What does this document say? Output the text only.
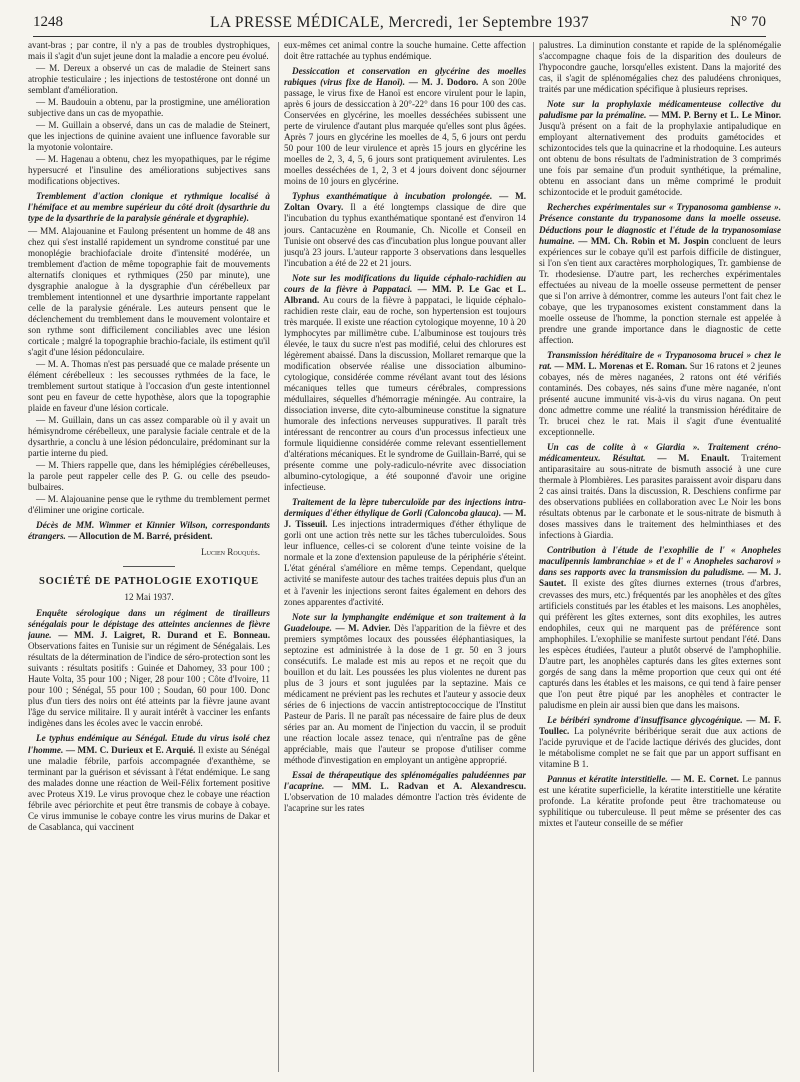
1248	LA PRESSE MÉDICALE, Mercredi, 1er Septembre 1937	N° 70

avant-bras ; par contre, il n'y a pas de troubles dystrophiques, mais il s'agit d'un sujet jeune dont la maladie a encore peu évolué.

— M. Dereux a observé un cas de maladie de Steinert sans atrophie testiculaire ; les injections de testostérone ont donné un semblant d'amélioration.

— M. Baudouin a obtenu, par la prostigmine, une amélioration subjective dans un cas de myopathie.

— M. Guillain a observé, dans un cas de maladie de Steinert, que les injections de quinine avaient une influence favorable sur la myotonie volontaire.

— M. Hagenau a obtenu, chez les myopathiques, par le régime hypersucré et l'insuline des améliorations subjectives sans modifications objectives.

Tremblement d'action clonique et rythmique localisé à l'hémiface et au membre supérieur du côté droit (dysarthrie du type de la dysarthrie de la paralysie générale et dygraphie).

— MM. Alajouanine et Faulong présentent un homme de 48 ans chez qui s'est installé rapidement un syndrome constitué par une monoplégie brachiofaciale droite d'intensité modérée, un tremblement d'action de même topographie fait de mouvements alternatifs cloniques et rythmiques (250 par minute), une dysgraphie analogue à la dysgraphie d'un cérébelleux par tremblement intentionnel et une dysarthrie importante rappelant celle de la paralysie générale. Les auteurs pensent que le déclenchement du tremblement dans le mouvement volontaire et son rythme sont difficilement conciliables avec une lésion corticale ; malgré la topographie brachio-faciale, ils estiment qu'il s'agit d'une lésion pédonculaire.

— M. A. Thomas n'est pas persuadé que ce malade présente un élément cérébelleux : les secousses rythmées de la face, le tremblement surtout statique à l'occasion d'un geste intentionnel sont peu en faveur de cette hypothèse, alors que la topographie plaide en faveur d'une lésion corticale.

— M. Guillain, dans un cas assez comparable où il y avait un hémisyndrome cérébelleux, une paralysie faciale centrale et de la dysarthrie, a conclu à une lésion pédonculaire, prédominant sur la partie interne du pied.

— M. Thiers rappelle que, dans les hémiplégies cérébelleuses, la parole peut rappeler celle des P. G. ou celle des pseudo-bulbaires.

— M. Alajouanine pense que le rythme du tremblement permet d'éliminer une origine corticale.

Décès de MM. Wimmer et Kinnier Wilson, correspondants étrangers. — Allocution de M. Barré, président.

Lucien Rouquès.

SOCIÉTÉ DE PATHOLOGIE EXOTIQUE
12 Mai 1937.

Enquête sérologique dans un régiment de tirailleurs sénégalais pour le dépistage des atteintes anciennes de fièvre jaune. — MM. J. Laigret, R. Durand et E. Bonneau. Observations faites en Tunisie sur un régiment de Sénégalais. Les résultats de la détermination de l'indice de séro-protection sont les suivants : résultats positifs : Guinée et Dahomey, 33 pour 100 ; Haute Volta, 35 pour 100 ; Niger, 28 pour 100 ; Côte d'Ivoire, 11 pour 100 ; Sénégal, 55 pour 100 ; Soudan, 60 pour 100. Donc plus d'un tiers des noirs ont été atteints par la fièvre jaune avant l'âge du service militaire. Il y aurait intérêt à vacciner les enfants indigènes dans les écoles avec le vaccin enrobé.

Le typhus endémique au Sénégal. Etude du virus isolé chez l'homme. — MM. C. Durieux et E. Arquié. Il existe au Sénégal une maladie fébrile, parfois accompagnée d'exanthème, se terminant par la guérison et sévissant à l'état endémique. Le sang des malades donne une réaction de Weil-Félix fortement positive avec Proteus X19. Le virus provoque chez le cobaye une réaction fébrile avec périorchite et peut être transmis de cobaye à cobaye. Ce virus immunise le cobaye contre les virus murins de Dakar et de Casablanca, qui vaccinent

eux-mêmes cet animal contre la souche humaine. Cette affection doit être rattachée au typhus endémique.

Dessiccation et conservation en glycérine des moelles rabiques (virus fixe de Hanoï). — M. J. Dodoro. A son 200e passage, le virus fixe de Hanoï est encore virulent pour le lapin, après 6 jours de dessiccation à 20°-22° dans 16 pour 100 des cas. Conservées en glycérine, les moelles desséchées subissent une perte de virulence d'autant plus marquée qu'elles sont plus âgées. Après 7 jours en glycérine les moelles de 4, 5, 6 jours ont perdu 50 pour 100 de leur virulence et après 15 jours en glycérine les moelles de 2, 3, 4, 5, 6 jours sont pratiquement avirulentes. Les moelles desséchées de 1, 2, 3 et 4 jours doivent donc séjourner moins de 10 jours en glycérine.

Typhus exanthématique à incubation prolongée. — M. Zoltan Ovary. Il a été longtemps classique de dire que l'incubation du typhus exanthématique spontané est d'environ 14 jours. Cantacuzène en Roumanie, Ch. Nicolle et Conseil en Tunisie ont observé des cas d'incubation plus longue pouvant aller jusqu'à 23 jours. L'auteur rapporte 3 observations dans lesquelles l'incubation a été de 22 et 21 jours.

Note sur les modifications du liquide céphalo-rachidien au cours de la fièvre à Pappataci. — MM. P. Le Gac et L. Albrand. Au cours de la fièvre à pappataci, le liquide céphalo-rachidien reste clair, eau de roche, son hypertension est toujours très marquée. Il existe une réaction cytologique moyenne, 10 à 20 lymphocytes par millimètre cube. L'albuminose est toujours très élevée, le taux du sucre n'est pas modifié, celui des chlorures est légèrement abaissé. Dans la discussion, Mollaret remarque que la modification observée réalise une dissociation albumino-cytologique, considérée comme révélant avant tout des lésions mécaniques telles que tumeurs cérébrales, compressions médullaires, séquelles d'hémorragie méningée. Au contraire, la dissociation inverse, dite cyto-albumineuse constitue la signature humorale des infections nerveuses suppuratives. Il paraît très intéressant de rencontrer au cours d'un processus infectieux une formule liquidienne considérée comme relevant essentiellement d'altérations mécaniques. Et le syndrome de Guillain-Barré, qui se présente comme une poly-radiculo-névrite avec dissociation albumino-cytologique, a été souponné d'avoir une origine infectieuse.

Traitement de la lèpre tuberculoïde par des injections intra-dermiques d'éther éthylique de Gorli (Caloncoba glauca). — M. J. Tisseuil. Les injections intradermiques d'éther éthylique de gorli ont une action très nette sur les tâches tuberculoïdes. Sous leur influence, celles-ci se colorent d'une teinte voisine de la normale et la zone d'extension papuleuse de la périphérie s'éteint. L'état général s'améliore en même temps. Cependant, quelque activité se manifeste autour des taches traitées depuis plus d'un an et à l'avenir les injections seront faites également en dehors des zones apparentes d'activité.

Note sur la lymphangite endémique et son traitement à la Guadeloupe. — M. Advier. Dès l'apparition de la fièvre et des premiers symptômes locaux des poussées éléphantiasiques, la septozine est administrée à la dose de 1 gr. 50 en 3 jours consécutifs. Le malade est mis au repos et ne reçoit que du bouillon et du lait. Les poussées les plus violentes ne durent pas plus de 3 jours et sont jugulées par la septazine. Mais ce médicament ne prévient pas les rechutes et l'auteur y associe deux séries de 6 injections de vaccin antistreptococcique de l'Institut Pasteur de Paris. Il ne paraît pas nécessaire de faire plus de deux séries par an. Au moment de l'injection du vaccin, il se produit une réaction locale assez tenace, qui n'entraîne pas de gêne appréciable, mais que l'auteur se propose d'utiliser comme méthode d'investigation en employant un antigène approprié.

Essai de thérapeutique des splénomégalies paludéennes par l'acaprine. — MM. L. Radvan et A. Alexandrescu. L'observation de 10 malades démontre l'action très évidente de l'acaprine sur les rates

palustres. La diminution constante et rapide de la splénomégalie s'accompagne chaque fois de la disparition des douleurs de l'hypocondre gauche, lorsqu'elles existent. Dans la majorité des cas, il s'agit de splénomégalies chez des paludéens chroniques, traités par une médication spécifique à plusieurs reprises.

Note sur la prophylaxie médicamenteuse collective du paludisme par la prémaline. — MM. P. Berny et L. Le Minor. Jusqu'à présent on a fait de la prophylaxie antipaludique en employant alternativement des produits gamétocides et schizontocides tels que la quinacrine et la rhodoquine. Les auteurs ont obtenu de bons résultats de l'administration de 3 comprimés une fois par semaine d'un produit synthétique, la prémaline, obtenu en associant dans un même comprimé le produit schizontocide et le produit gamétocide.

Recherches expérimentales sur « Trypanosoma gambiense ». Présence constante du trypanosome dans la moelle osseuse. Déductions pour le diagnostic et l'étude de la trypanosomiase humaine. — MM. Ch. Robin et M. Jospin concluent de leurs expériences sur le cobaye qu'il est parfois difficile de distinguer, si l'on s'en tient aux caractères morphologiques, Tr. gambiense de Tr. rhodesiense. D'autre part, les recherches expérimentales effectuées au niveau de la moelle osseuse permettent de penser que si l'on arrive à démontrer, comme les auteurs l'ont fait chez le cobaye, que les trypanosomes existent constamment dans la moelle osseuse de l'homme, la ponction sternale est appelée à prendre une grande importance dans le diagnostic de cette affection.

Transmission héréditaire de « Trypanosoma brucei » chez le rat. — MM. L. Morenas et E. Roman. Sur 16 ratons et 2 jeunes cobayes, nés de mères naganées, 2 ratons ont été vérifiés contaminés. Des cobayes, nés sains d'une mère naganée, n'ont présenté aucune immunité vis-à-vis du virus nagana. On peut donc admettre comme une réalité la transmission héréditaire de Tr. brucei chez le rat. Mais il s'agit d'une éventualité exceptionnelle.

Un cas de colite à « Giardia ». Traitement créno-médicamenteux. Résultat. — M. Enault. Traitement antiparasitaire au sous-nitrate de bismuth associé à une cure thermale à Plombières. Les parasites paraissent avoir disparu dans 2 cas ainsi traités. Dans la discussion, R. Deschiens confirme par des observations publiées en collaboration avec Le Noir les bons résultats obtenus par le carbonate et le sous-nitrate de bismuth à doses massives dans le traitement des helminthiases et des infections à Giardia.

Contribution à l'étude de l'exophilie de l' « Anopheles maculipennis lambranchiae » et de l' « Anopheles sacharovi » dans ses rapports avec la transmission du paludisme. — M. J. Sautet. Il existe des gîtes diurnes externes (trous d'arbres, crevasses des murs, etc.) fréquentés par les anophèles et des gîtes artificiels constitués par les étables et les maisons. Les anophèles, qui préfèrent les gîtes externes, sont dits exophiles, les autres endophiles, ceux qui ne marquent pas de préférence sont amphophiles. L'exophilie se manifeste surtout pendant l'été. Dans les espèces étudiées, l'auteur a plutôt observé de l'amphophilie. D'autre part, les anophèles capturés dans les gîtes externes sont gorgés de sang dans la même proportion que ceux qui ont été capturés dans les étables et les maisons, ce qui tend à faire penser que l'on peut être piqué par les anophèles et contracter le paludisme en plein air aussi bien que dans les maisons.

Le béribéri syndrome d'insuffisance glycogénique. — M. F. Toullec. La polynévrite béribérique serait due aux actions de l'acide pyruvique et de l'acide lactique dérivés des glucides, dont le métabolisme complet ne se fait que par un apport suffisant en vitamine B 1.

Pannus et kératite interstitielle. — M. E. Cornet. Le pannus est une kératite superficielle, la kératite interstitielle une kératite profonde. La kératite profonde peut être trachomateuse ou syphilitique ou tuberculeuse. Il peut même se présenter des cas mixtes et l'auteur conseille de se méfier
